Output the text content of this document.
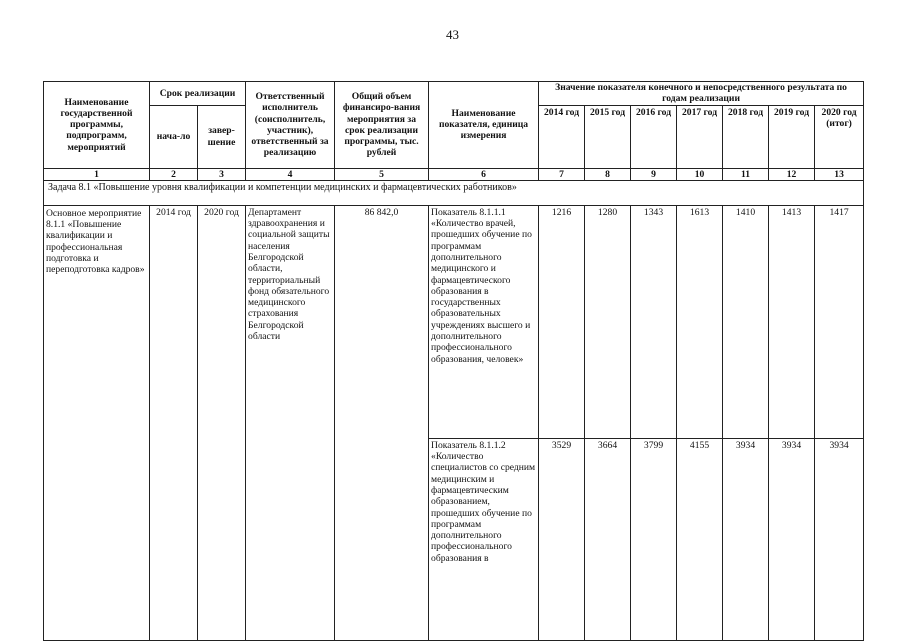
43
Наименование государственной программы, подпрограмм, мероприятий	Срок реализации		Ответственный исполнитель (соисполнитель, участник), ответственный за реализацию	Общий объем финансиро-вания мероприятия за срок реализации программы, тыс. рублей	Наименование показателя, единица измерения	Значение показателя конечного и непосредственного результата по годам реализации						
	нача-ло	завер-шение				2014 год	2015 год	2016 год	2017 год	2018 год	2019 год	2020 год (итог)
1	2	3	4	5	6	7	8	9	10	11	12	13
Задача 8.1 «Повышение уровня квалификации и компетенции медицинских и фармацевтических работников»												
Основное мероприятие 8.1.1 «Повышение квалификации и профессиональная подготовка и переподготовка кадров»	2014 год	2020 год	Департамент здравоохранения и социальной защиты населения Белгородской области, территориальный фонд обязательного медицинского страхования Белгородской области	86 842,0	Показатель 8.1.1.1 «Количество врачей, прошедших обучение по программам дополнительного медицинского и фармацевтического образования в государственных образовательных учреждениях высшего и дополнительного профессионального образования, человек»	1216	1280	1343	1613	1410	1413	1417
					Показатель 8.1.1.2 «Количество специалистов со средним медицинским и фармацевтическим образованием, прошедших обучение по программам дополнительного профессионального образования в	3529	3664	3799	4155	3934	3934	3934
